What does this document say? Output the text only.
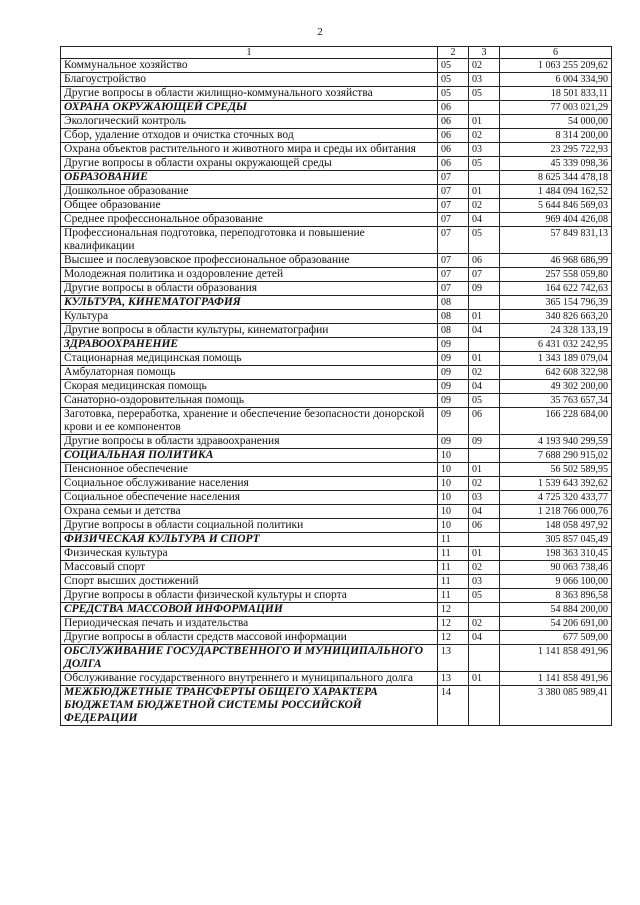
2
1	2	3	6
Коммунальное хозяйство	05	02	1 063 255 209,62
Благоустройство	05	03	6 004 334,90
Другие вопросы в области жилищно-коммунального хозяйства	05	05	18 501 833,11
ОХРАНА ОКРУЖАЮЩЕЙ СРЕДЫ	06		77 003 021,29
Экологический контроль	06	01	54 000,00
Сбор, удаление отходов и очистка сточных вод	06	02	8 314 200,00
Охрана объектов растительного и животного мира и среды их обитания	06	03	23 295 722,93
Другие вопросы в области охраны окружающей среды	06	05	45 339 098,36
ОБРАЗОВАНИЕ	07		8 625 344 478,18
Дошкольное образование	07	01	1 484 094 162,52
Общее образование	07	02	5 644 846 569,03
Среднее профессиональное образование	07	04	969 404 426,08
Профессиональная подготовка, переподготовка и повышение квалификации	07	05	57 849 831,13
Высшее и послевузовское профессиональное образование	07	06	46 968 686,99
Молодежная политика и оздоровление детей	07	07	257 558 059,80
Другие вопросы в области образования	07	09	164 622 742,63
КУЛЬТУРА, КИНЕМАТОГРАФИЯ	08		365 154 796,39
Культура	08	01	340 826 663,20
Другие вопросы в области культуры, кинематографии	08	04	24 328 133,19
ЗДРАВООХРАНЕНИЕ	09		6 431 032 242,95
Стационарная медицинская помощь	09	01	1 343 189 079,04
Амбулаторная помощь	09	02	642 608 322,98
Скорая медицинская помощь	09	04	49 302 200,00
Санаторно-оздоровительная помощь	09	05	35 763 657,34
Заготовка, переработка, хранение и обеспечение безопасности донорской крови и ее компонентов	09	06	166 228 684,00
Другие вопросы в области здравоохранения	09	09	4 193 940 299,59
СОЦИАЛЬНАЯ ПОЛИТИКА	10		7 688 290 915,02
Пенсионное обеспечение	10	01	56 502 589,95
Социальное обслуживание населения	10	02	1 539 643 392,62
Социальное обеспечение населения	10	03	4 725 320 433,77
Охрана семьи и детства	10	04	1 218 766 000,76
Другие вопросы в области социальной политики	10	06	148 058 497,92
ФИЗИЧЕСКАЯ КУЛЬТУРА И СПОРТ	11		305 857 045,49
Физическая культура	11	01	198 363 310,45
Массовый спорт	11	02	90 063 738,46
Спорт высших достижений	11	03	9 066 100,00
Другие вопросы в области физической культуры и спорта	11	05	8 363 896,58
СРЕДСТВА МАССОВОЙ ИНФОРМАЦИИ	12		54 884 200,00
Периодическая печать и издательства	12	02	54 206 691,00
Другие вопросы в области средств массовой информации	12	04	677 509,00
ОБСЛУЖИВАНИЕ ГОСУДАРСТВЕННОГО И МУНИЦИПАЛЬНОГО ДОЛГА	13		1 141 858 491,96
Обслуживание государственного внутреннего и муниципального долга	13	01	1 141 858 491,96
МЕЖБЮДЖЕТНЫЕ ТРАНСФЕРТЫ ОБЩЕГО ХАРАКТЕРА БЮДЖЕТАМ БЮДЖЕТНОЙ СИСТЕМЫ РОССИЙСКОЙ ФЕДЕРАЦИИ	14		3 380 085 989,41
